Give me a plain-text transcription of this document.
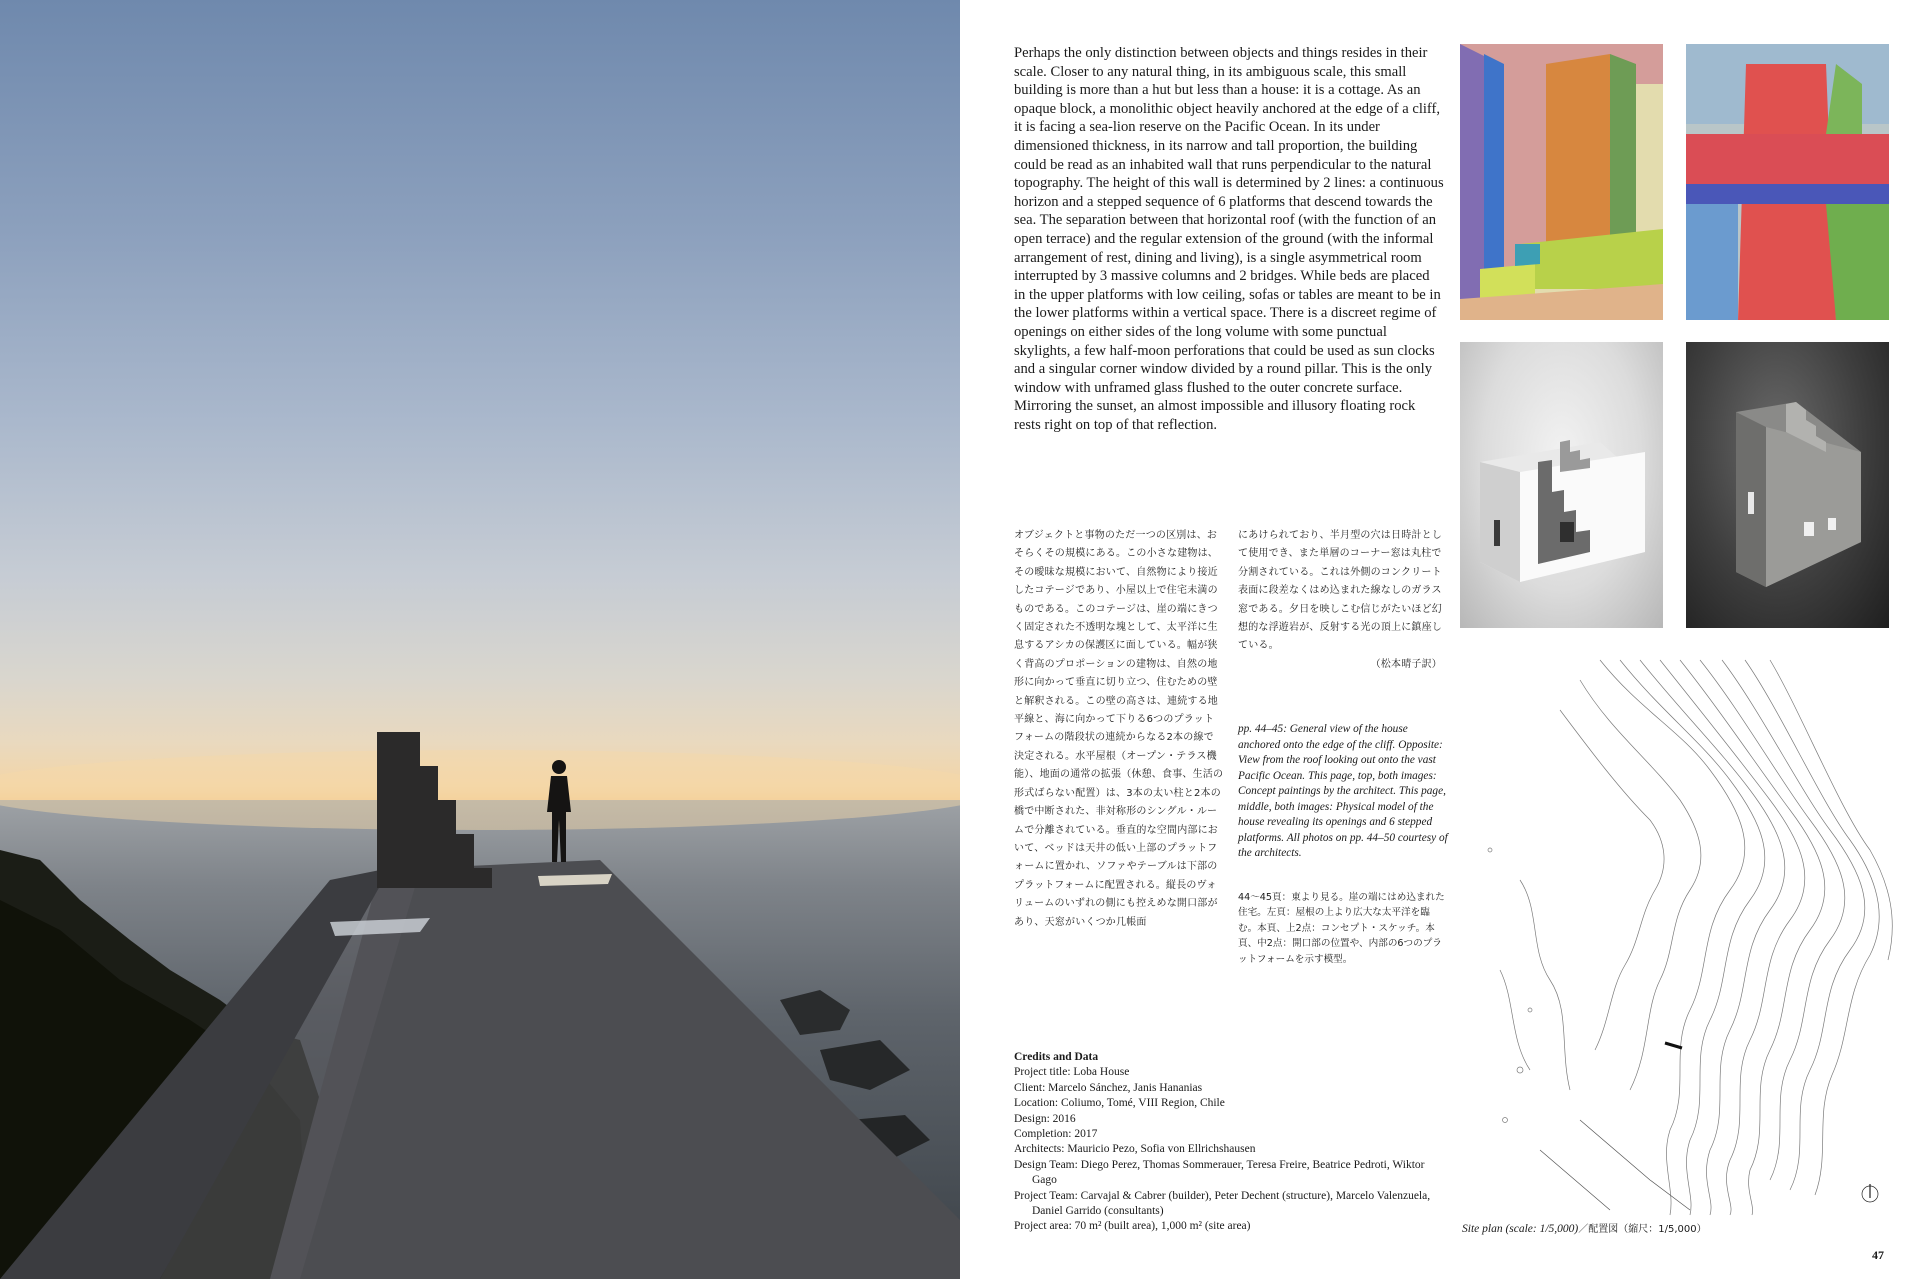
Perhaps the only distinction between objects and things resides in their scale. Closer to any natural thing, in its ambiguous scale, this small building is more than a hut but less than a house: it is a cottage. As an opaque block, a monolithic object heavily anchored at the edge of a cliff, it is facing a sea-lion reserve on the Pacific Ocean. In its under dimensioned thickness, in its narrow and tall proportion, the building could be read as an inhabited wall that runs perpendicular to the natural topography. The height of this wall is determined by 2 lines: a continuous horizon and a stepped sequence of 6 platforms that descend towards the sea. The separation between that horizontal roof (with the function of an open terrace) and the regular extension of the ground (with the informal arrangement of rest, dining and living), is a single asymmetrical room interrupted by 3 massive columns and 2 bridges. While beds are placed in the upper platforms with low ceiling, sofas or tables are meant to be in the lower platforms within a vertical space. There is a discreet regime of openings on either sides of the long volume with some punctual skylights, a few half-moon perforations that could be used as sun clocks and a singular corner window divided by a round pillar. This is the only window with unframed glass flushed to the outer concrete surface. Mirroring the sunset, an almost impossible and illusory floating rock rests right on top of that reflection.

オブジェクトと事物のただ一つの区別は、おそらくその規模にある。この小さな建物は、その曖昧な規模において、自然物により接近したコテージであり、小屋以上で住宅未満のものである。このコテージは、崖の端にきつく固定された不透明な塊として、太平洋に生息するアシカの保護区に面している。幅が狭く背高のプロポーションの建物は、自然の地形に向かって垂直に切り立つ、住むための壁と解釈される。この壁の高さは、連続する地平線と、海に向かって下りる6つのプラットフォームの階段状の連続からなる2本の線で決定される。水平屋根（オープン・テラス機能）、地面の通常の拡張（休憩、食事、生活の形式ばらない配置）は、3本の太い柱と2本の橋で中断された、非対称形のシングル・ルームで分離されている。垂直的な空間内部において、ベッドは天井の低い上部のプラットフォームに置かれ、ソファやテーブルは下部のプラットフォームに配置される。縦長のヴォリュームのいずれの側にも控えめな開口部があり、天窓がいくつか几帳面

にあけられており、半月型の穴は日時計として使用でき、また単層のコーナー窓は丸柱で分割されている。これは外側のコンクリート表面に段差なくはめ込まれた線なしのガラス窓である。夕日を映しこむ信じがたいほど幻想的な浮遊岩が、反射する光の頂上に鎮座している。
（松本晴子訳）

pp. 44–45: General view of the house anchored onto the edge of the cliff. Opposite: View from the roof looking out onto the vast Pacific Ocean. This page, top, both images: Concept paintings by the architect. This page, middle, both images: Physical model of the house revealing its openings and 6 stepped platforms. All photos on pp. 44–50 courtesy of the architects.

44〜45頁：東より見る。崖の端にはめ込まれた住宅。左頁：屋根の上より広大な太平洋を臨む。本頁、上2点：コンセプト・スケッチ。本頁、中2点：開口部の位置や、内部の6つのプラットフォームを示す模型。

Credits and Data
Project title: Loba House
Client: Marcelo Sánchez, Janis Hananias
Location: Coliumo, Tomé, VIII Region, Chile
Design: 2016
Completion: 2017
Architects: Mauricio Pezo, Sofia von Ellrichshausen
Design Team: Diego Perez, Thomas Sommerauer, Teresa Freire, Beatrice Pedroti, Wiktor Gago
Project Team: Carvajal & Cabrer (builder), Peter Dechent (structure), Marcelo Valenzuela, Daniel Garrido (consultants)
Project area: 70 m² (built area), 1,000 m² (site area)	Site plan (scale: 1/5,000)／配置図（縮尺：1/5,000）
47
